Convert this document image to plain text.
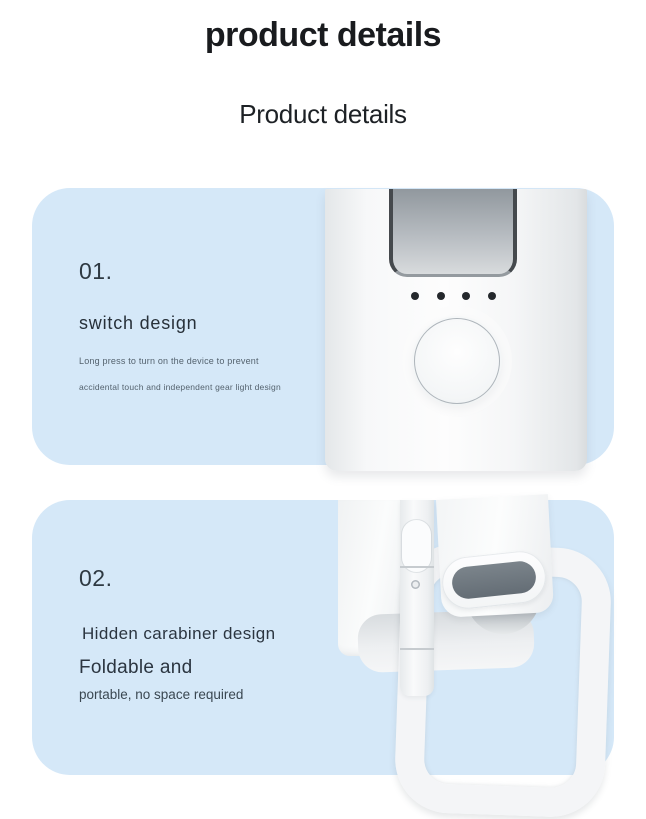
product details
Product details

01.

switch design

Long press to turn on the device to prevent

accidental touch and independent gear light design

02.

Hidden carabiner design

Foldable and

portable, no space required
